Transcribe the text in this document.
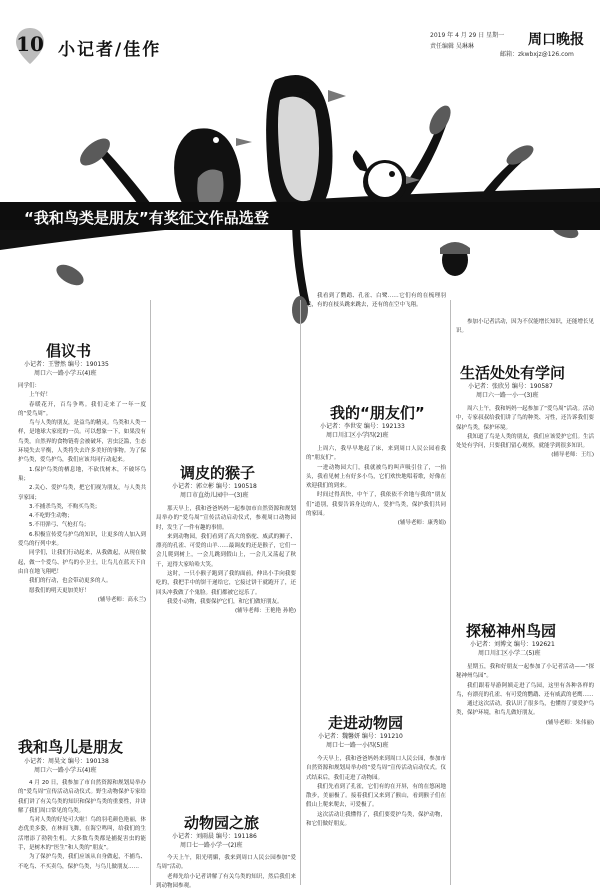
10 小记者/佳作
2019 年 4 月 29 日 星期一
责任编辑 吴琳琳	周口晚报
邮箱：zkwbxjz@126.com
“我和鸟类是朋友”有奖征文作品选登
倡议书
小记者：王譬然 编号：190135
周口六一路小学五(4)班

同学们：

上午好！

春暖花开，百鸟争鸣。我们走来了一年一度的“爱鸟周”。

鸟与人类的朋友，是益鸟的精灵。鸟类和人类一样，是地球大家庭的一员。可以想象一下，如果没有鸟类，自然界的食物链将会被破坏，害虫泛滥，生态环境失去平衡，人类将失去许多美好的事物。为了保护鸟类，爱鸟护鸟，我们应该共同行动起来。

1.保护鸟类的栖息地，不砍伐树木，不破坏鸟巢；

2.关心、爱护鸟类，把它们视为朋友，与人类共享家园；

3.不捕杀鸟类，不购买鸟类；

4.不吃野生动物；

5.不用弹弓、气枪打鸟；

6.积极宣传爱鸟护鸟的知识，让更多的人加入到爱鸟的行列中来。

同学们，让我们行动起来，从我做起，从现在做起，做一个爱鸟、护鸟的小卫士，让鸟儿在蓝天下自由自在地飞翔吧！

我们的行动，也会带动更多的人。

愿我们的明天更加美好！

(辅导老师：高永兰)

我和鸟儿是朋友
小记者：周昊文 编号：190138
周口六一路小学五(4)班

4 月 20 日，我参加了市自然资源和规划局举办的“爱鸟周”宣传活动启动仪式。野生动物保护专家给我们讲了有关鸟类的知识和保护鸟类的重要性，并讲解了我们周口常见的鸟类。

鸟对人类的好处可大啦！鸟的羽毛颜色艳丽，体态优美多姿，在林间飞舞，在海空鸣叫，给我们的生活增添了勃勃生机。大多数鸟类都是捕捉害虫的能手，是树木的“医生”和人类的“朋友”。

为了保护鸟类，我们应该从自身做起，不捕鸟、不吃鸟、不买卖鸟，保护鸟类，与鸟儿做朋友……

调皮的猴子
小记者：郭立彬 编号：190518
周口市直幼儿园中一(3)班

那天早上，我和爸爸妈妈一起参加市自然资源和规划局举办的“爱鸟周”宣传活动启动仪式，参观周口动物园时，发生了一件有趣的事情。

来到动物园，我们看到了高大的骆驼、威武的狮子、漂亮的孔雀、可爱的山羊……最调皮的还是猴子，它们一会儿爬到树上，一会儿跳到假山上，一会儿又荡起了秋千，逗得大家哈哈大笑。

这时，一只小猴子跑到了我的面前，伸出小手向我要吃的，我把手中的饼干递给它，它接过饼干就跑开了，还回头冲我做了个鬼脸。我们都被它逗乐了。

我爱小动物，我要保护它们，和它们做好朋友。

(辅导老师：王艳艳 孙艳)

动物园之旅
小记者：刘雨晨 编号：191186
周口七一路小学一(2)班

今天上午，阳光明媚，我来到周口人民公园参加“爱鸟周”活动。

老师先给小记者讲解了有关鸟类的知识，然后我们来到动物园参观。

我看到了鹦鹉、孔雀、白鹭……它们有的在梳理羽毛，有的在枝头跳来跳去，还有的在空中飞翔。

我的“朋友们”
小记者：李世安 编号：192133
周口川汇区小学四(2)班

上周六，我早早地起了床，来到周口人民公园看我的“朋友们”。

一进动物园大门，我就被鸟的叫声吸引住了，一抬头，我看见树上有好多小鸟，它们欢快地唱着歌，好像在欢迎我们的到来。

时间过得真快，中午了，我依依不舍地与我的“朋友们”道别，我要告诉身边的人，爱护鸟类，保护我们共同的家园。

(辅导老师：康秀娟)

走进动物园
小记者：魏馨妍 编号：191210
周口七一路一小四(5)班

今天早上，我和爸爸妈妈来到周口人民公园，参加市自然资源和规划局举办的“爱鸟周”宣传活动启动仪式。仪式结束后，我们走进了动物园。

我们先看到了孔雀，它们有的在开屏，有的在悠闲地散步，美丽极了。接着我们又来到了猴山，看到猴子们在假山上爬来爬去，可爱极了。

这次活动让我懂得了，我们要爱护鸟类，保护动物，和它们做好朋友。

参加小记者活动，因为不仅能增长知识，还能增长见识。

生活处处有学问
小记者：张欣另 编号：190587
周口六一路一小一(3)班

周六上午，我和妈妈一起参加了“爱鸟周”活动。活动中，专家叔叔给我们讲了鸟的种类、习性，还告诉我们要保护鸟类，保护环境。

我知道了鸟是人类的朋友，我们应该爱护它们。生活处处有学问，只要我们留心观察，就能学到很多知识。

(辅导老师：王红)

探秘神州鸟园
小记者：刘博文 编号：192621
周口川汇区小学二(5)班

星期五，我和好朋友一起参加了小记者活动——“探秘神州鸟园”。

我们跟着导游阿姨走进了鸟园，这里有各种各样的鸟，有漂亮的孔雀、有可爱的鹦鹉、还有威武的老鹰……

通过这次活动，我认识了很多鸟，也懂得了要爱护鸟类，保护环境，和鸟儿做好朋友。

(辅导老师：朱伟丽)
